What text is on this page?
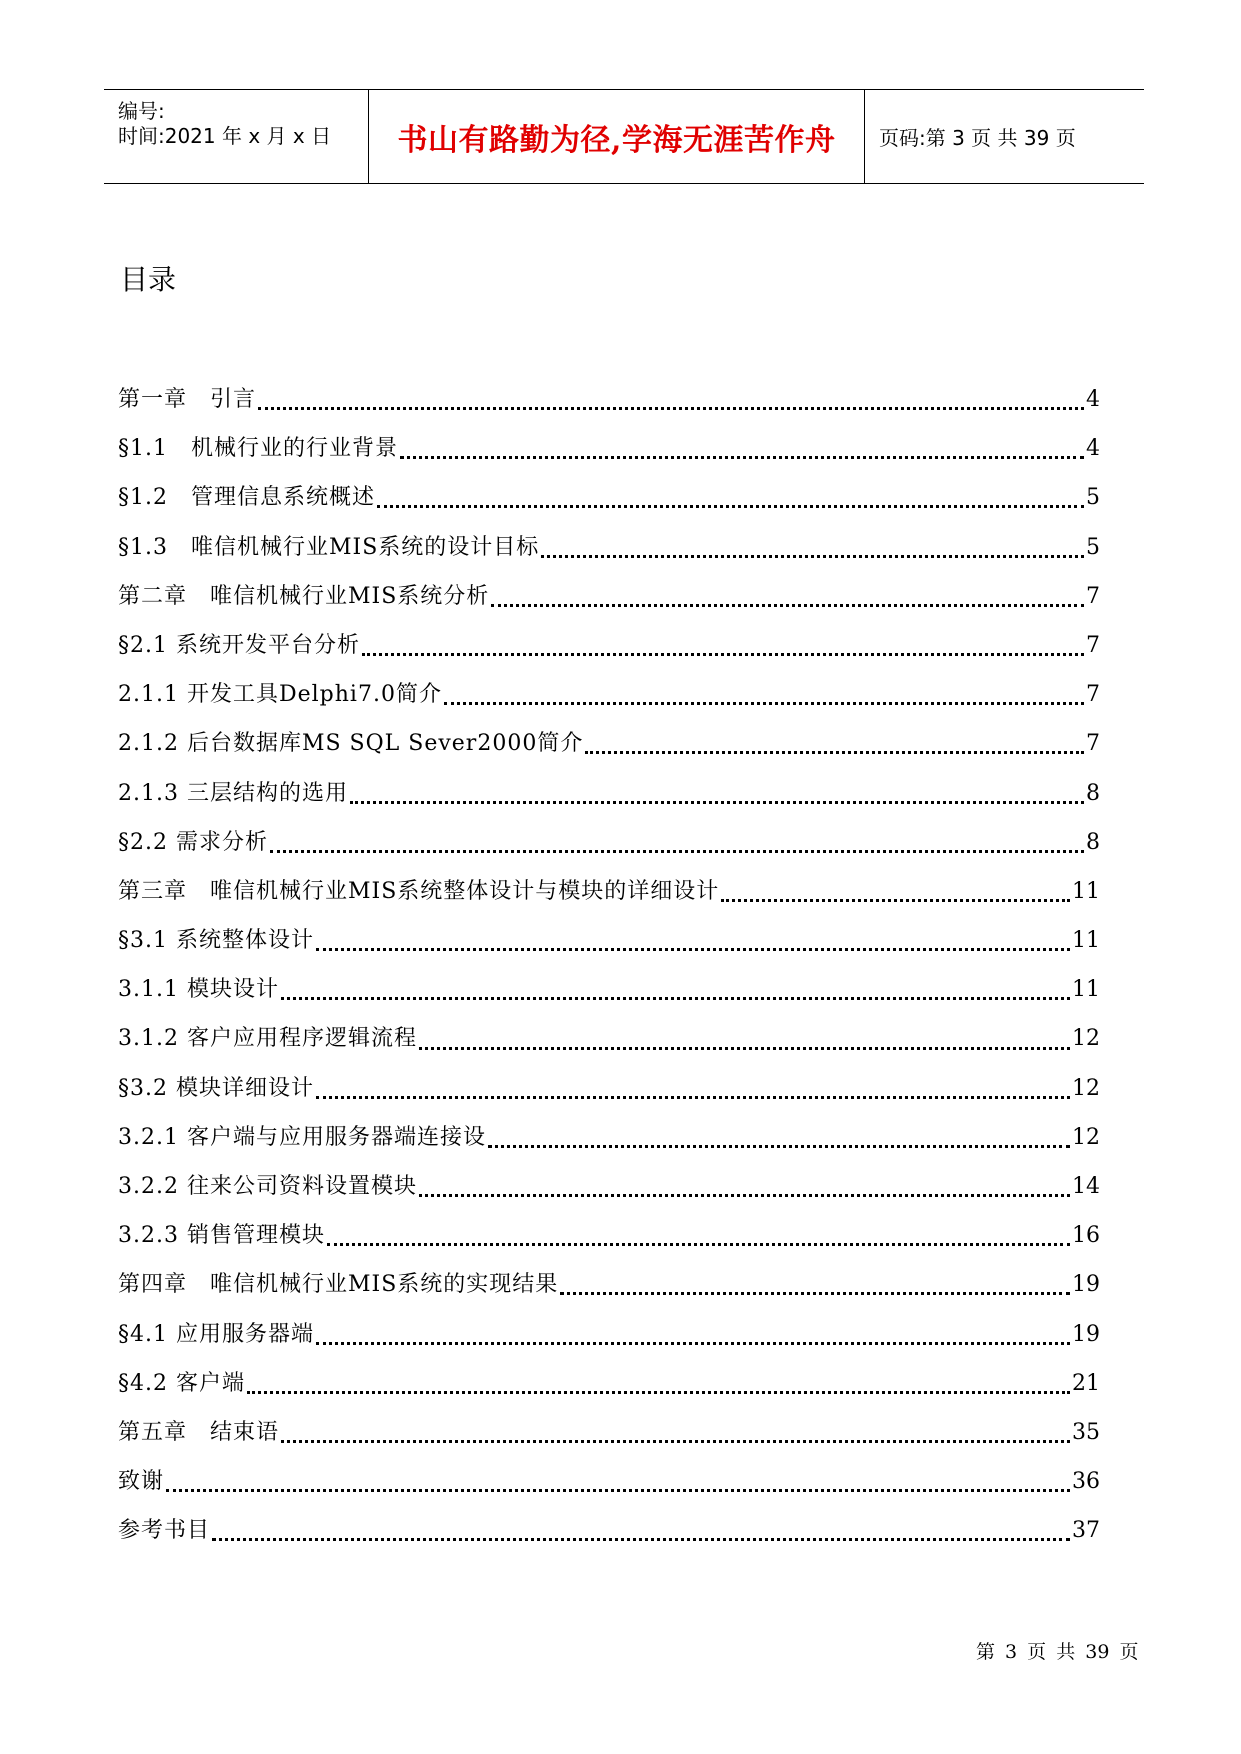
编号:
时间:2021 年 x 月 x 日 书山有路勤为径,学海无涯苦作舟 页码:第 3 页 共 39 页
目录
第一章　引言	4
§1.1　机械行业的行业背景	4
§1.2　管理信息系统概述	5
§1.3　唯信机械行业MIS系统的设计目标	5
第二章　唯信机械行业MIS系统分析	7
§2.1 系统开发平台分析	7
2.1.1 开发工具Delphi7.0简介	7
2.1.2 后台数据库MS SQL Sever2000简介	7
2.1.3 三层结构的选用	8
§2.2 需求分析	8
第三章　唯信机械行业MIS系统整体设计与模块的详细设计	11
§3.1 系统整体设计	11
3.1.1 模块设计	11
3.1.2 客户应用程序逻辑流程	12
§3.2 模块详细设计	12
3.2.1 客户端与应用服务器端连接设	12
3.2.2 往来公司资料设置模块	14
3.2.3 销售管理模块	16
第四章　唯信机械行业MIS系统的实现结果	19
§4.1 应用服务器端	19
§4.2 客户端	21
第五章　结束语	35
致谢	36
参考书目	37
第 3 页 共 39 页
